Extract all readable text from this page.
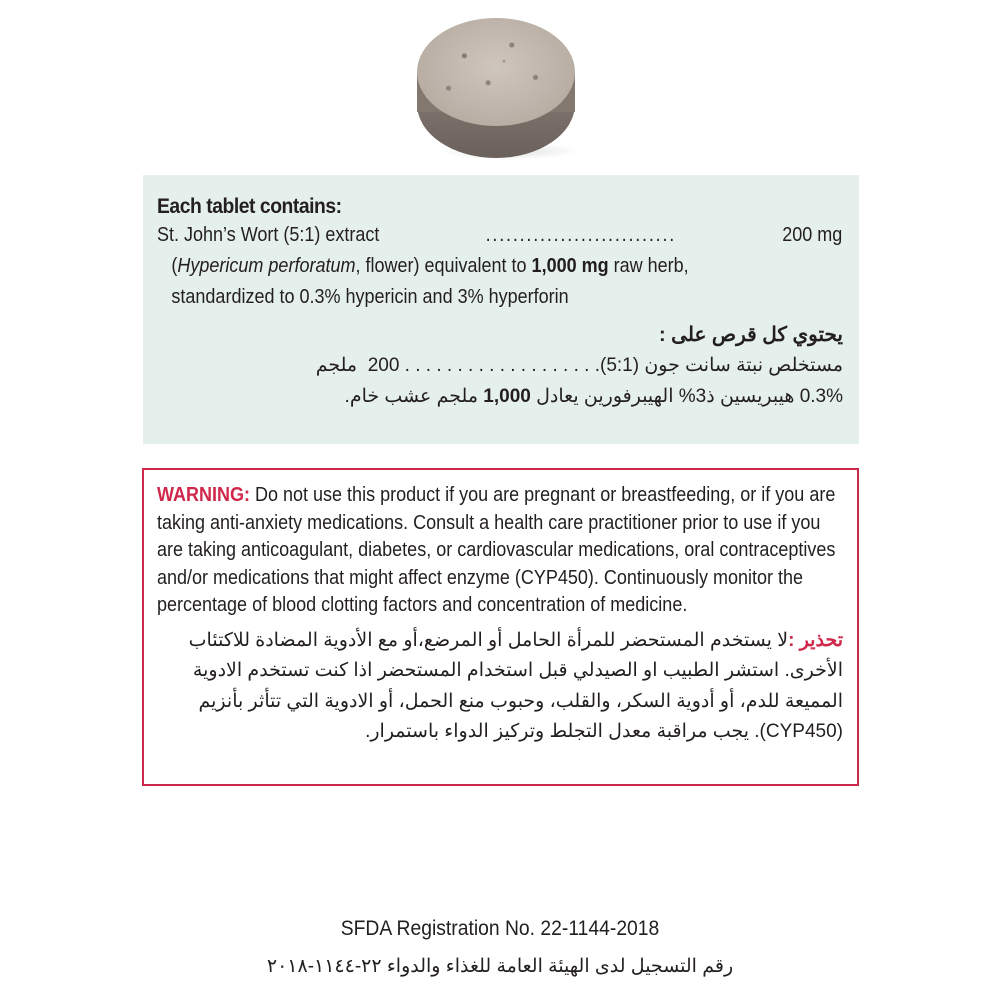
Each tablet contains:
St. John’s Wort (5:1) extract	............................	200 mg
(Hypericum perforatum, flower) equivalent to 1,000 mg raw herb,
standardized to 0.3% hypericin and 3% hyperforin
يحتوي كل قرص على :
مستخلص نبتة سانت جون (5:1). . . . . . . . . . . . . . . . . . . 200  ملجم
0.3% هيبريسين ذ3% الهيبرفورين يعادل 1,000 ملجم عشب خام.
WARNING: Do not use this product if you are pregnant or breastfeeding, or if you are taking anti-anxiety medications. Consult a health care practitioner prior to use if you are taking anticoagulant, diabetes, or cardiovascular medications, oral contraceptives and/or medications that might affect enzyme (CYP450). Continuously monitor the percentage of blood clotting factors and concentration of medicine.
تحذير :لا يستخدم المستحضر للمرأة الحامل أو المرضع،أو مع الأدوية المضادة للاكتئاب الأخرى. استشر الطبيب او الصيدلي قبل استخدام المستحضر اذا كنت تستخدم الادوية المميعة للدم، أو أدوية السكر، والقلب، وحبوب منع الحمل، أو الادوية التي تتأثر بأنزيم (CYP450). يجب مراقبة معدل التجلط وتركيز الدواء باستمرار.
SFDA Registration No. 22-1144-2018
رقم التسجيل لدى الهيئة العامة للغذاء والدواء ٢٢-١١٤٤-٢٠١٨
